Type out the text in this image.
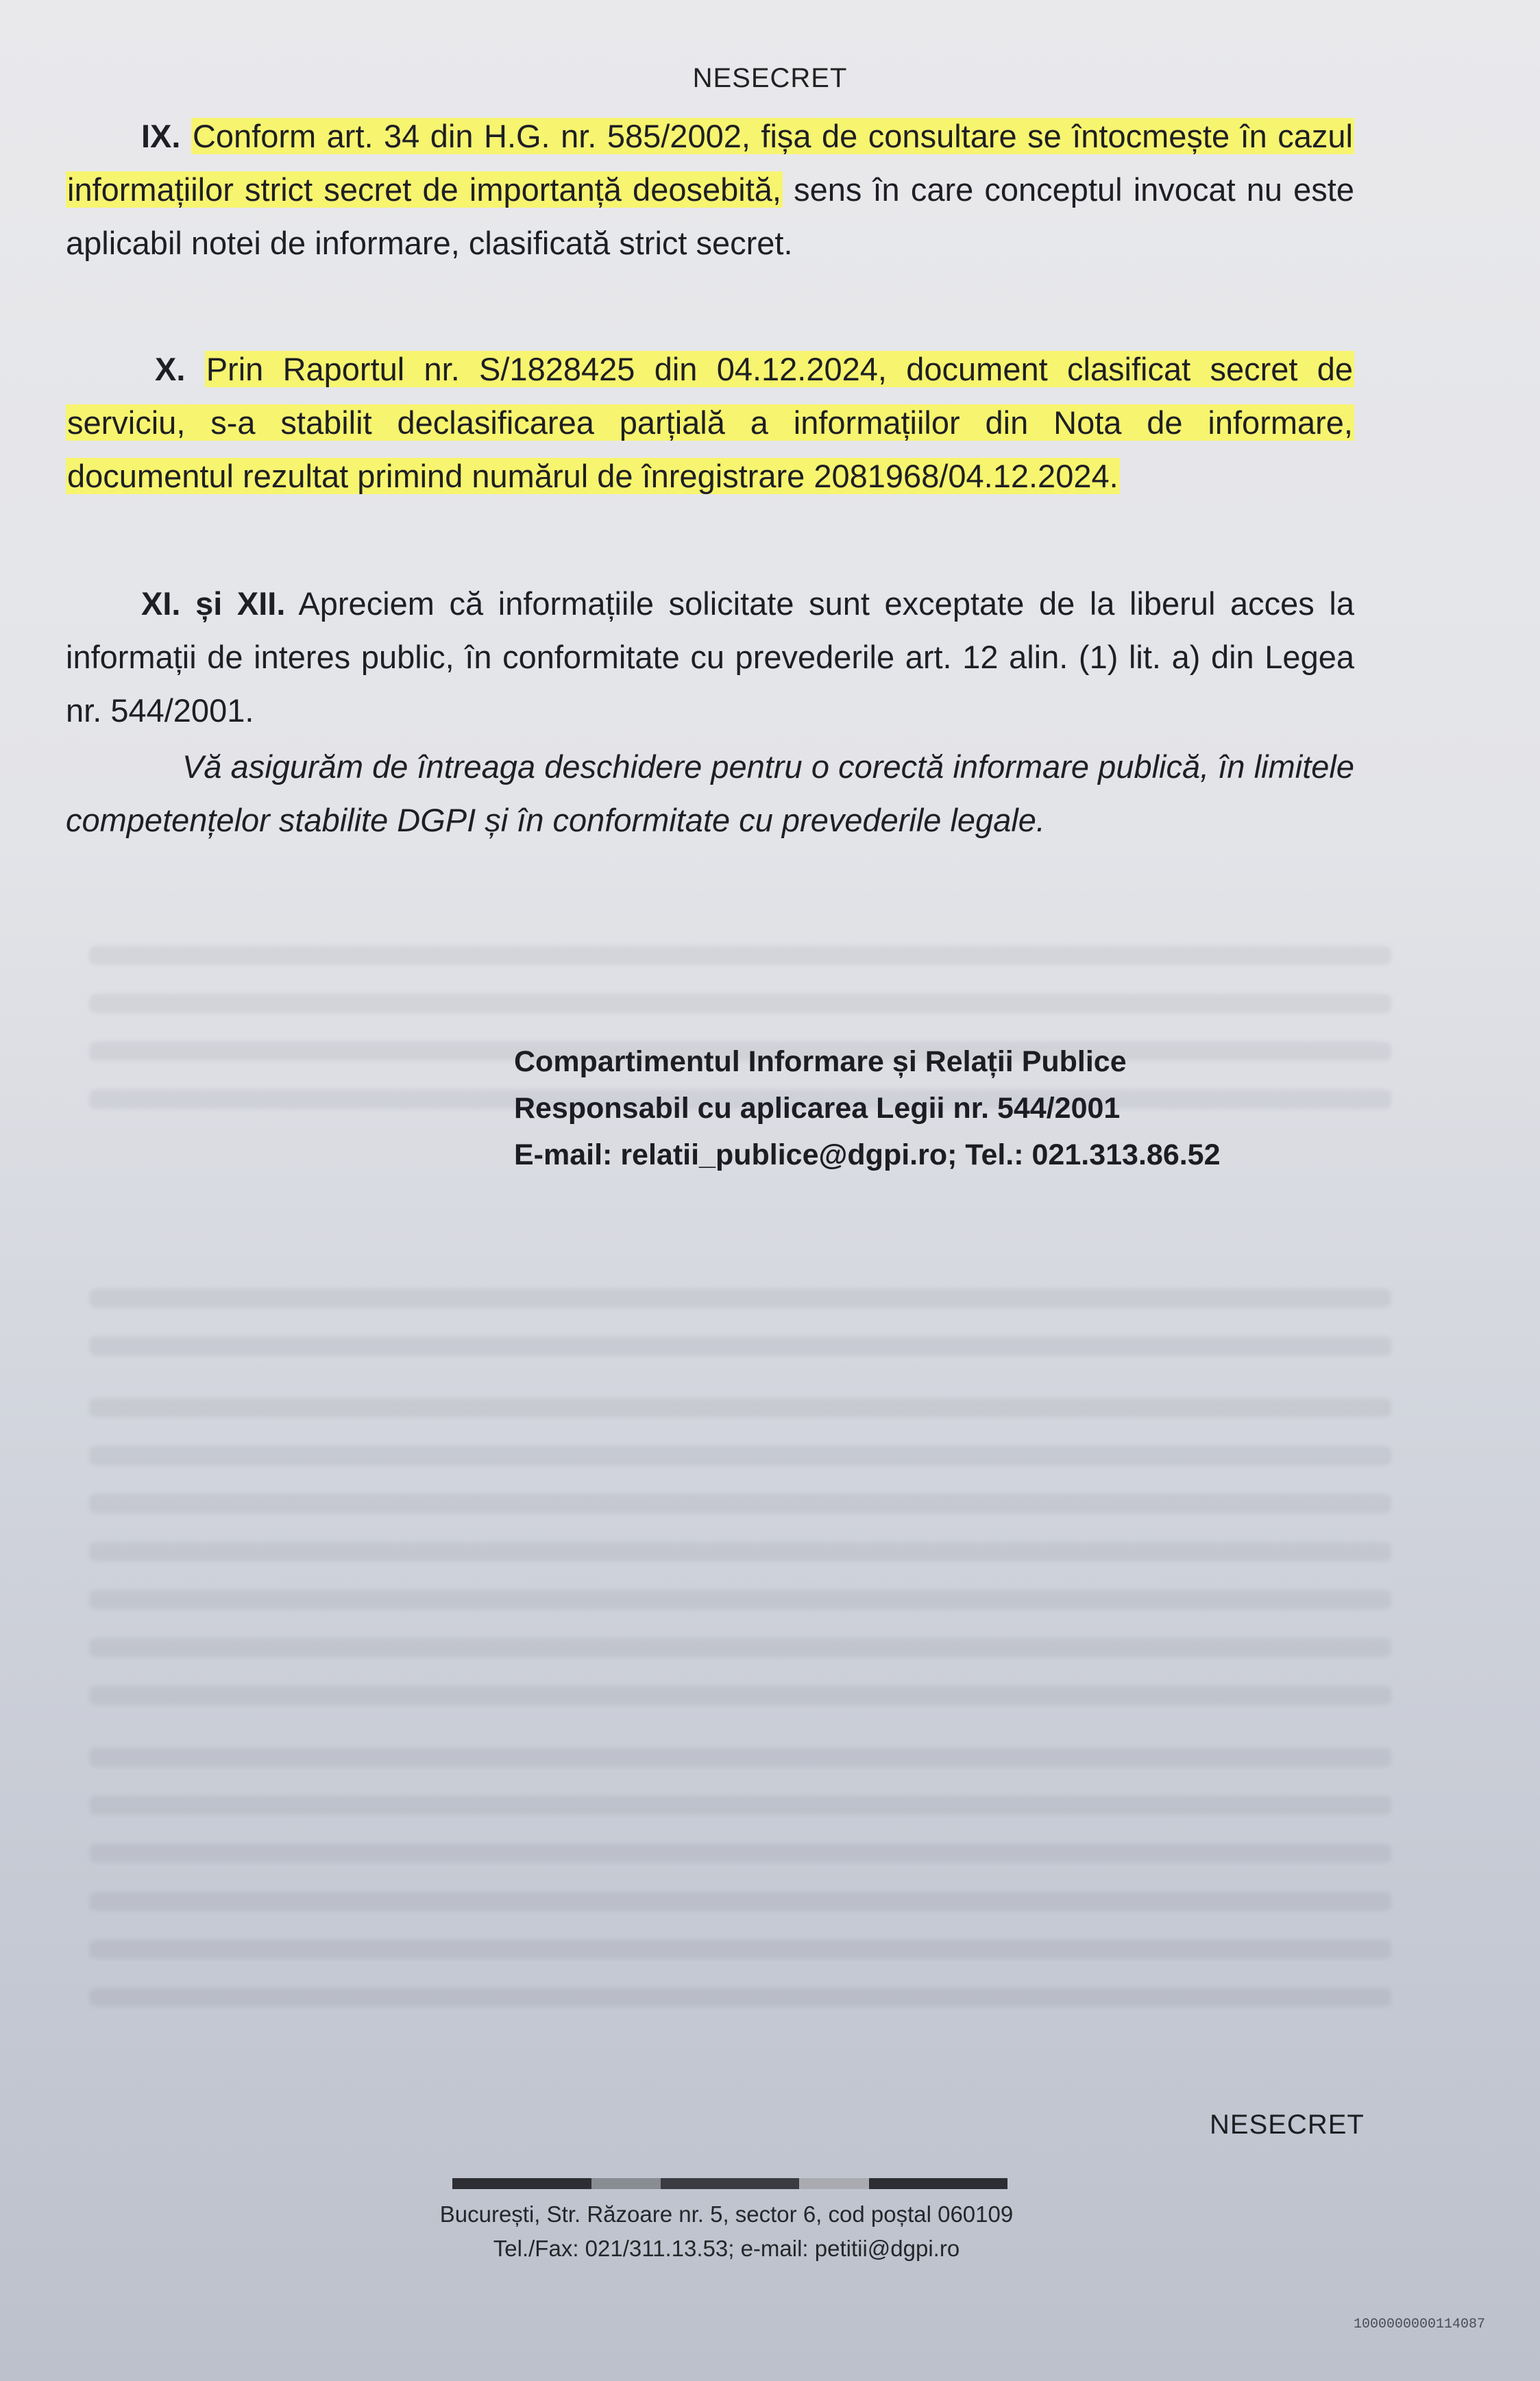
NESECRET
IX. Conform art. 34 din H.G. nr. 585/2002, fișa de consultare se întocmește în cazul informațiilor strict secret de importanță deosebită, sens în care conceptul invocat nu este aplicabil notei de informare, clasificată strict secret.
X. Prin Raportul nr. S/1828425 din 04.12.2024, document clasificat secret de serviciu, s-a stabilit declasificarea parțială a informațiilor din Nota de informare, documentul rezultat primind numărul de înregistrare 2081968/04.12.2024.
XI. și XII. Apreciem că informațiile solicitate sunt exceptate de la liberul acces la informații de interes public, în conformitate cu prevederile art. 12 alin. (1) lit. a) din Legea nr. 544/2001.
Vă asigurăm de întreaga deschidere pentru o corectă informare publică, în limitele competențelor stabilite DGPI și în conformitate cu prevederile legale.
Compartimentul Informare și Relații Publice
Responsabil cu aplicarea Legii nr. 544/2001
E-mail: relatii_publice@dgpi.ro; Tel.: 021.313.86.52
NESECRET
București, Str. Răzoare nr. 5, sector 6, cod poștal 060109
Tel./Fax: 021/311.13.53; e-mail: petitii@dgpi.ro
1000000000114087
